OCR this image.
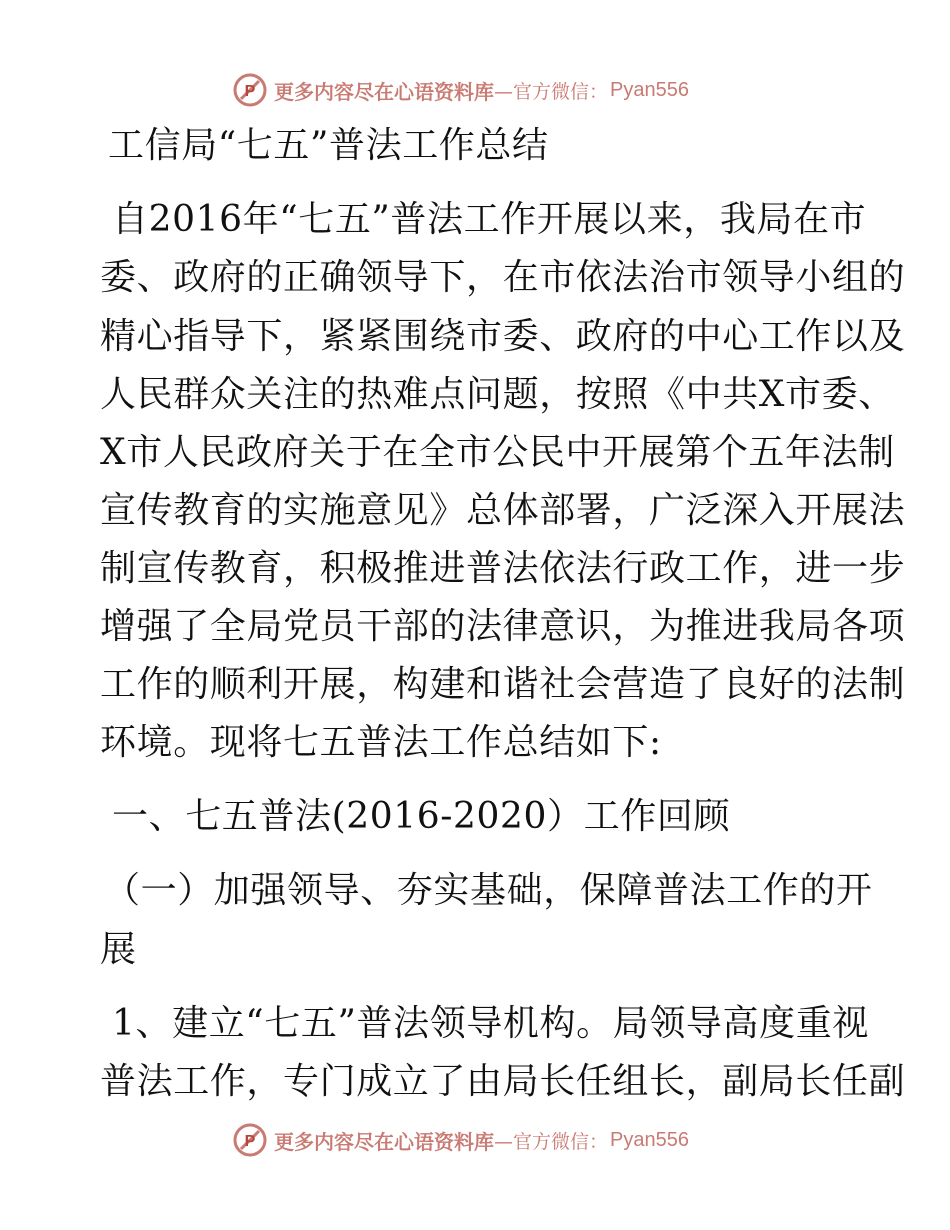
P 更多内容尽在心语资料库 —官方微信： Pyan556
工信局“七五”普法工作总结
自2016年“七五”普法工作开展以来，我局在市
委、政府的正确领导下，在市依法治市领导小组的
精心指导下，紧紧围绕市委、政府的中心工作以及
人民群众关注的热难点问题，按照《中共X市委、
X市人民政府关于在全市公民中开展第个五年法制
宣传教育的实施意见》总体部署，广泛深入开展法
制宣传教育，积极推进普法依法行政工作，进一步
增强了全局党员干部的法律意识，为推进我局各项
工作的顺利开展，构建和谐社会营造了良好的法制
环境。现将七五普法工作总结如下:
一、七五普法(2016-2020）工作回顾
（一）加强领导、夯实基础，保障普法工作的开
展
1、建立“七五”普法领导机构。局领导高度重视
普法工作，专门成立了由局长任组长，副局长任副
P 更多内容尽在心语资料库 —官方微信： Pyan556
